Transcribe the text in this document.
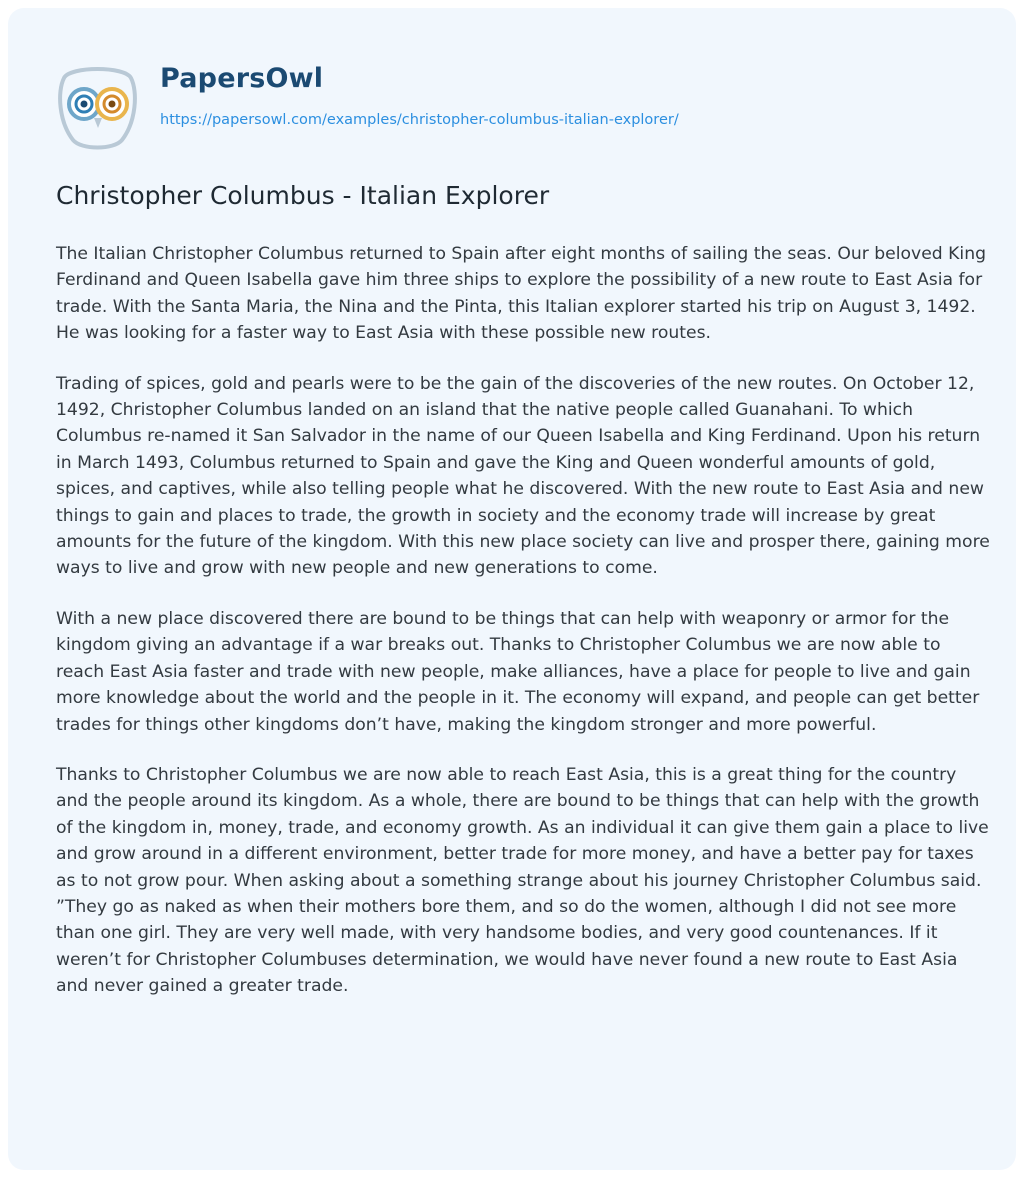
PapersOwl
https://papersowl.com/examples/christopher-columbus-italian-explorer/
Christopher Columbus - Italian Explorer

The Italian Christopher Columbus returned to Spain after eight months of sailing the seas. Our beloved King Ferdinand and Queen Isabella gave him three ships to explore the possibility of a new route to East Asia for trade. With the Santa Maria, the Nina and the Pinta, this Italian explorer started his trip on August 3, 1492. He was looking for a faster way to East Asia with these possible new routes.

Trading of spices, gold and pearls were to be the gain of the discoveries of the new routes. On October 12, 1492, Christopher Columbus landed on an island that the native people called Guanahani. To which Columbus re-named it San Salvador in the name of our Queen Isabella and King Ferdinand. Upon his return in March 1493, Columbus returned to Spain and gave the King and Queen wonderful amounts of gold, spices, and captives, while also telling people what he discovered. With the new route to East Asia and new things to gain and places to trade, the growth in society and the economy trade will increase by great amounts for the future of the kingdom. With this new place society can live and prosper there, gaining more ways to live and grow with new people and new generations to come.

With a new place discovered there are bound to be things that can help with weaponry or armor for the kingdom giving an advantage if a war breaks out. Thanks to Christopher Columbus we are now able to reach East Asia faster and trade with new people, make alliances, have a place for people to live and gain more knowledge about the world and the people in it. The economy will expand, and people can get better trades for things other kingdoms don’t have, making the kingdom stronger and more powerful.

Thanks to Christopher Columbus we are now able to reach East Asia, this is a great thing for the country and the people around its kingdom. As a whole, there are bound to be things that can help with the growth of the kingdom in, money, trade, and economy growth. As an individual it can give them gain a place to live and grow around in a different environment, better trade for more money, and have a better pay for taxes as to not grow pour. When asking about a something strange about his journey Christopher Columbus said. ”They go as naked as when their mothers bore them, and so do the women, although I did not see more than one girl. They are very well made, with very handsome bodies, and very good countenances. If it weren’t for Christopher Columbuses determination, we would have never found a new route to East Asia and never gained a greater trade.
